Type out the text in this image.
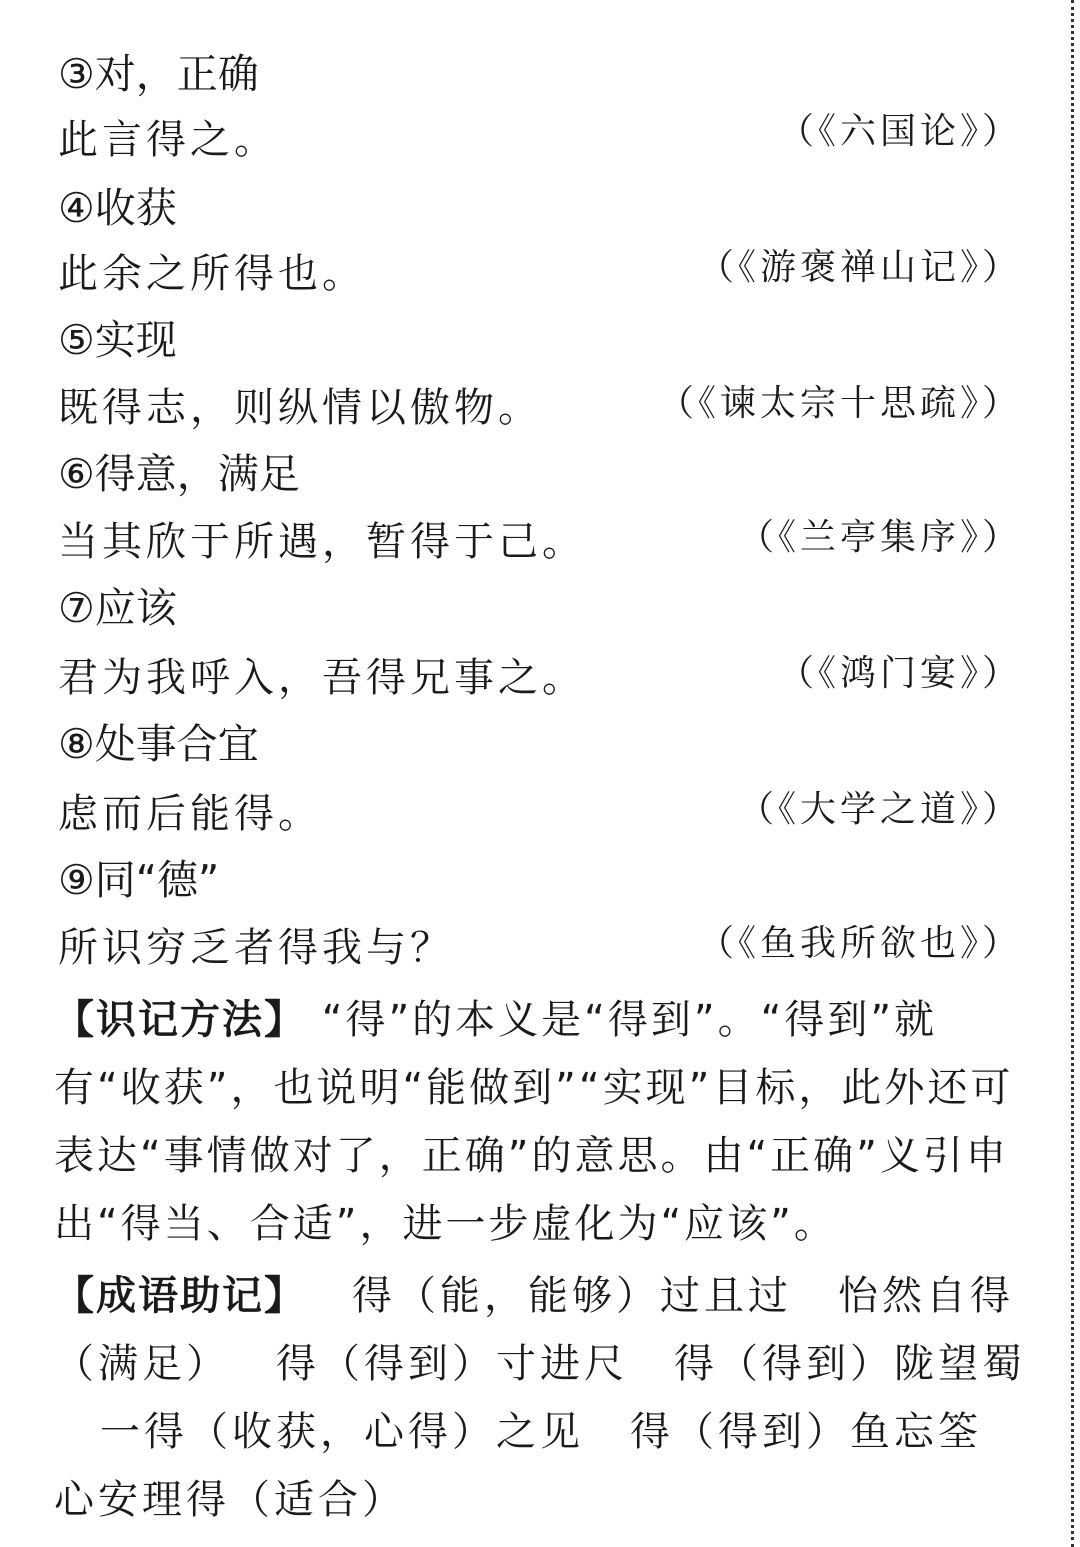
③对，正确
此言得之。	（《六国论》）
④收获
此余之所得也。	（《游褒禅山记》）
⑤实现
既得志，则纵情以傲物。	（《谏太宗十思疏》）
⑥得意，满足
当其欣于所遇，暂得于己。	（《兰亭集序》）
⑦应该
君为我呼入，吾得兄事之。	（《鸿门宴》）
⑧处事合宜
虑而后能得。	（《大学之道》）
⑨同“德”
所识穷乏者得我与？	（《鱼我所欲也》）
【识记方法】 “得”的本义是“得到”。“得到”就有“收获”，也说明“能做到”“实现”目标，此外还可表达“事情做对了，正确”的意思。由“正确”义引申出“得当、合适”，进一步虚化为“应该”。
【成语助记】 得（能，能够）过且过 怡然自得（满足） 得（得到）寸进尺 得（得到）陇望蜀一得（收获，心得）之见 得（得到）鱼忘筌心安理得（适合）
